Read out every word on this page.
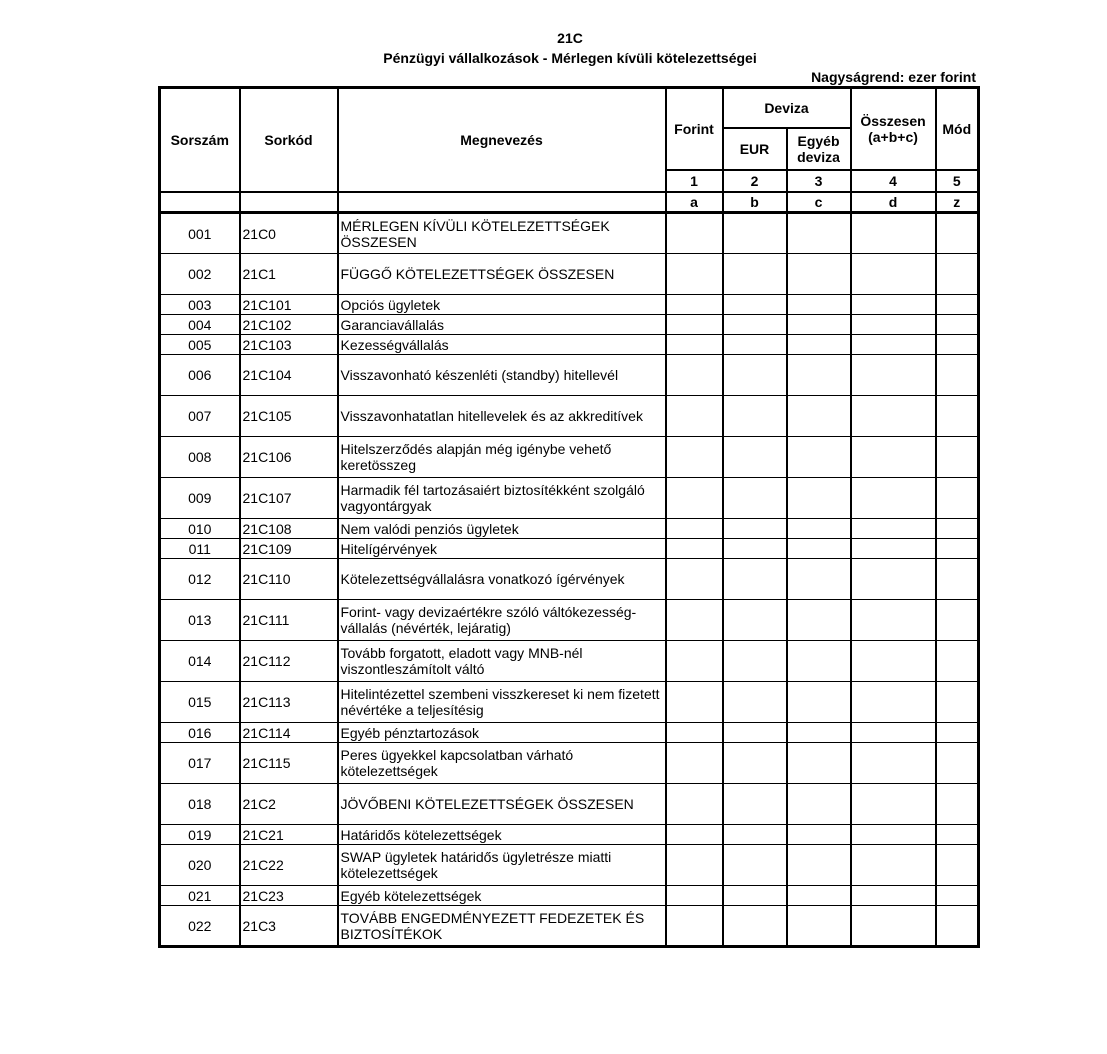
21C
Pénzügyi vállalkozások - Mérlegen kívüli kötelezettségei
Nagyságrend: ezer forint
Sorszám	Sorkód	Megnevezés	Forint	Deviza		Összesen (a+b+c)	Mód
				EUR	Egyéb deviza		
			1	2	3	4	5
			a	b	c	d	z
001	21C0	MÉRLEGEN KÍVÜLI KÖTELEZETTSÉGEK ÖSSZESEN					
002	21C1	FÜGGŐ KÖTELEZETTSÉGEK ÖSSZESEN					
003	21C101	Opciós ügyletek					
004	21C102	Garanciavállalás					
005	21C103	Kezességvállalás					
006	21C104	Visszavonható készenléti (standby) hitellevél					
007	21C105	Visszavonhatatlan hitellevelek és az akkreditívek					
008	21C106	Hitelszerződés alapján még igénybe vehető keretösszeg					
009	21C107	Harmadik fél tartozásaiért biztosítékként szolgáló vagyontárgyak					
010	21C108	Nem valódi penziós ügyletek					
011	21C109	Hitelígérvények					
012	21C110	Kötelezettségvállalásra vonatkozó ígérvények					
013	21C111	Forint- vagy devizaértékre szóló váltókezesség-vállalás (névérték, lejáratig)					
014	21C112	Tovább forgatott, eladott vagy MNB-nél viszontleszámítolt váltó					
015	21C113	Hitelintézettel szembeni visszkereset ki nem fizetett névértéke a teljesítésig					
016	21C114	Egyéb pénztartozások					
017	21C115	Peres ügyekkel kapcsolatban várható kötelezettségek					
018	21C2	JÖVŐBENI KÖTELEZETTSÉGEK ÖSSZESEN					
019	21C21	Határidős kötelezettségek					
020	21C22	SWAP ügyletek határidős ügyletrésze miatti kötelezettségek					
021	21C23	Egyéb kötelezettségek					
022	21C3	TOVÁBB ENGEDMÉNYEZETT FEDEZETEK ÉS BIZTOSÍTÉKOK					
